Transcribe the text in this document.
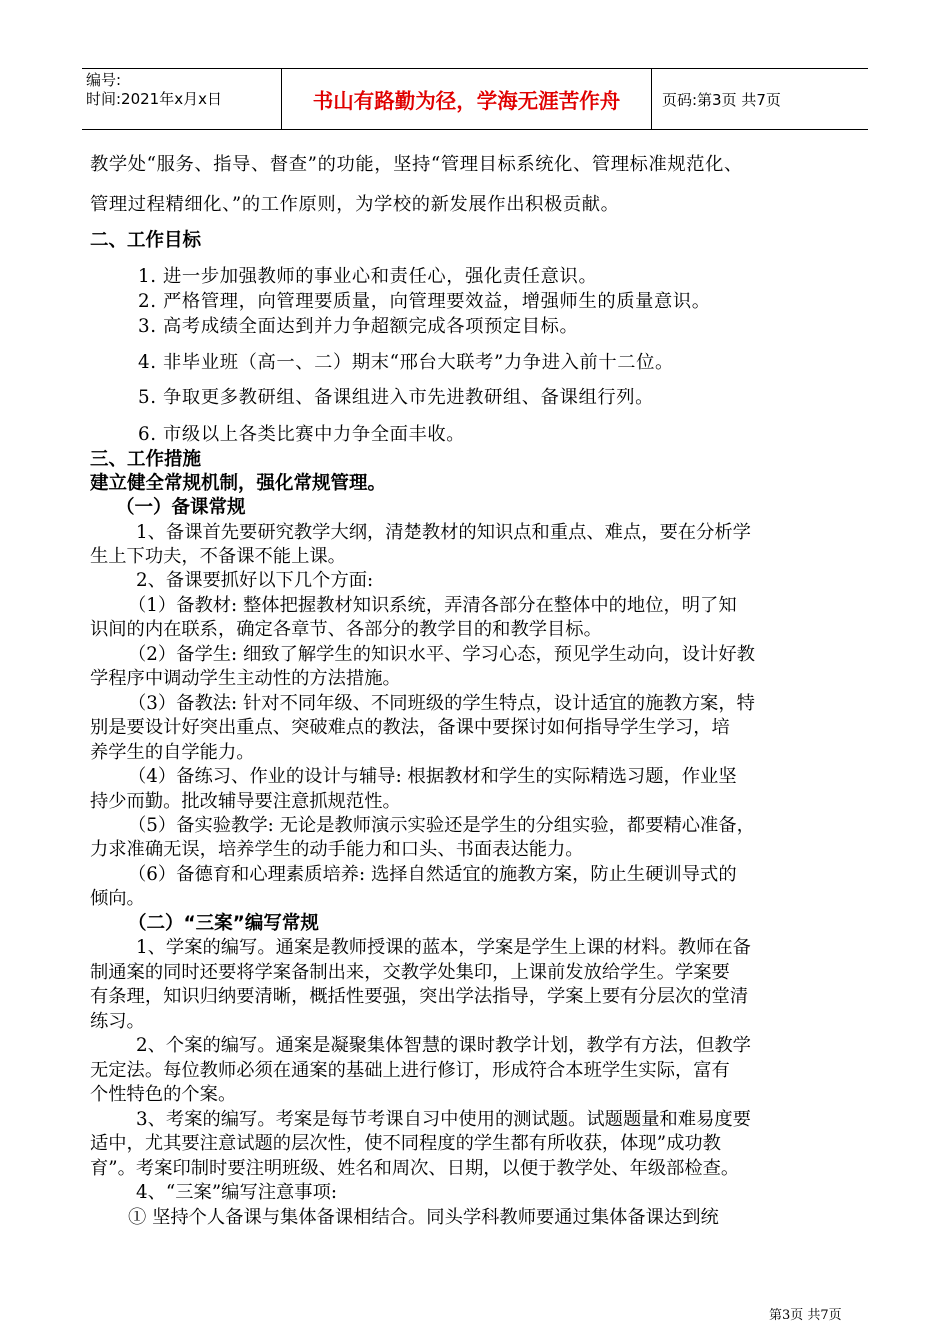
编号:
时间:2021年x月x日	书山有路勤为径，学海无涯苦作舟	页码:第3页 共7页
教学处“服务、指导、督查”的功能，坚持“管理目标系统化、管理标准规范化、
管理过程精细化、”的工作原则，为学校的新发展作出积极贡献。
二、工作目标
1. 进一步加强教师的事业心和责任心，强化责任意识。
2. 严格管理，向管理要质量，向管理要效益，增强师生的质量意识。
3. 高考成绩全面达到并力争超额完成各项预定目标。
4. 非毕业班（高一、二）期末“邢台大联考”力争进入前十二位。
5. 争取更多教研组、备课组进入市先进教研组、备课组行列。
6. 市级以上各类比赛中力争全面丰收。
三、工作措施
建立健全常规机制，强化常规管理。
（一）备课常规
1、备课首先要研究教学大纲，清楚教材的知识点和重点、难点，要在分析学
生上下功夫，不备课不能上课。
2、备课要抓好以下几个方面:
（1）备教材: 整体把握教材知识系统，弄清各部分在整体中的地位，明了知
识间的内在联系，确定各章节、各部分的教学目的和教学目标。
（2）备学生: 细致了解学生的知识水平、学习心态，预见学生动向，设计好教
学程序中调动学生主动性的方法措施。
（3）备教法: 针对不同年级、不同班级的学生特点，设计适宜的施教方案，特
别是要设计好突出重点、突破难点的教法，备课中要探讨如何指导学生学习，培
养学生的自学能力。
（4）备练习、作业的设计与辅导: 根据教材和学生的实际精选习题，作业坚
持少而勤。批改辅导要注意抓规范性。
（5）备实验教学: 无论是教师演示实验还是学生的分组实验，都要精心准备，
力求准确无误，培养学生的动手能力和口头、书面表达能力。
（6）备德育和心理素质培养: 选择自然适宜的施教方案，防止生硬训导式的
倾向。
（二）“三案”编写常规
1、学案的编写。通案是教师授课的蓝本，学案是学生上课的材料。教师在备
制通案的同时还要将学案备制出来，交教学处集印，上课前发放给学生。学案要
有条理，知识归纳要清晰，概括性要强，突出学法指导，学案上要有分层次的堂清
练习。
2、个案的编写。通案是凝聚集体智慧的课时教学计划，教学有方法，但教学
无定法。每位教师必须在通案的基础上进行修订，形成符合本班学生实际，富有
个性特色的个案。
3、考案的编写。考案是每节考课自习中使用的测试题。试题题量和难易度要
适中，尤其要注意试题的层次性，使不同程度的学生都有所收获，体现”成功教
育”。考案印制时要注明班级、姓名和周次、日期，以便于教学处、年级部检查。
4、“三案”编写注意事项:
① 坚持个人备课与集体备课相结合。同头学科教师要通过集体备课达到统
第3页 共7页
